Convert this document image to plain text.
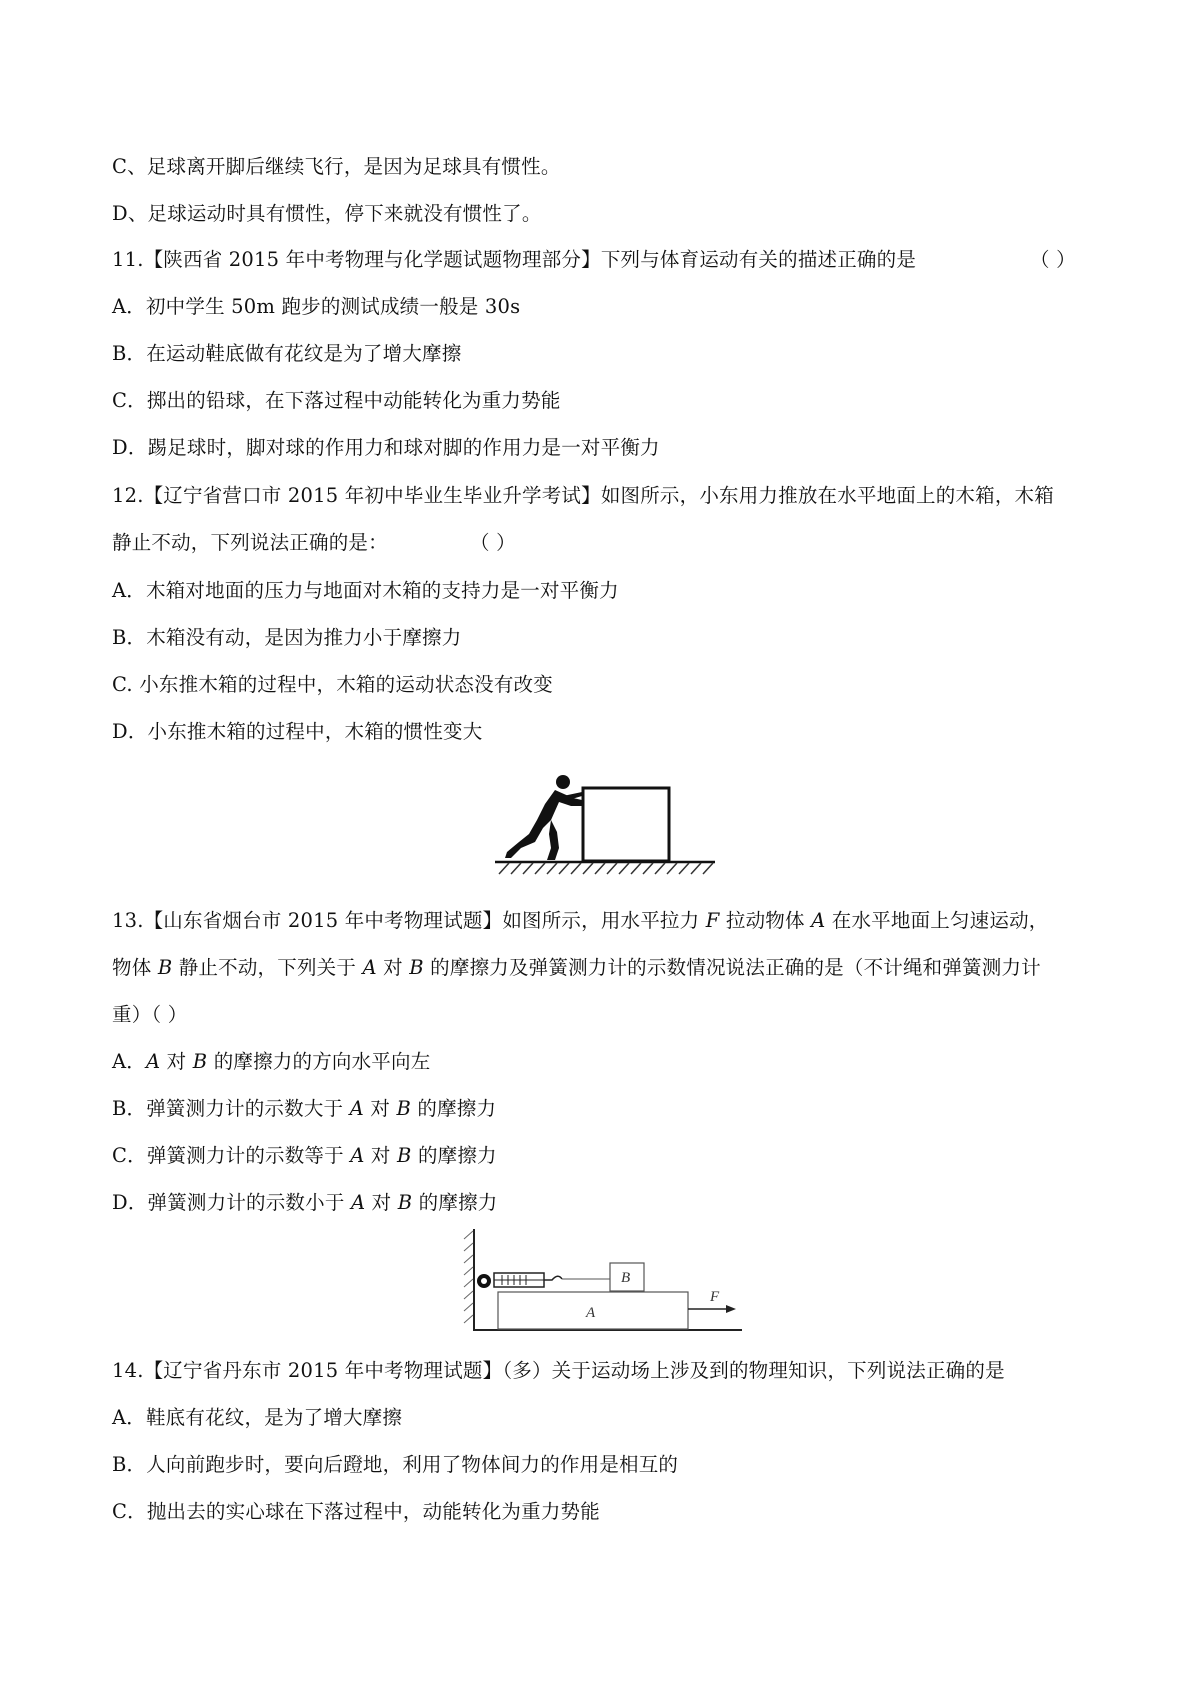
C、足球离开脚后继续飞行，是因为足球具有惯性。
D、足球运动时具有惯性，停下来就没有惯性了。
11.【陕西省 2015 年中考物理与化学题试题物理部分】下列与体育运动有关的描述正确的是	（ ）
A．初中学生 50m 跑步的测试成绩一般是 30s
B．在运动鞋底做有花纹是为了增大摩擦
C．掷出的铅球，在下落过程中动能转化为重力势能
D．踢足球时，脚对球的作用力和球对脚的作用力是一对平衡力
12.【辽宁省营口市 2015 年初中毕业生毕业升学考试】如图所示，小东用力推放在水平地面上的木箱，木箱
静止不动，下列说法正确的是：	（ ）
A．木箱对地面的压力与地面对木箱的支持力是一对平衡力
B．木箱没有动，是因为推力小于摩擦力
C. 小东推木箱的过程中，木箱的运动状态没有改变
D．小东推木箱的过程中，木箱的惯性变大
13.【山东省烟台市 2015 年中考物理试题】如图所示，用水平拉力 F 拉动物体 A 在水平地面上匀速运动，
物体 B 静止不动，下列关于 A 对 B 的摩擦力及弹簧测力计的示数情况说法正确的是（不计绳和弹簧测力计
重）（ ）
A．A 对 B 的摩擦力的方向水平向左
B．弹簧测力计的示数大于 A 对 B 的摩擦力
C．弹簧测力计的示数等于 A 对 B 的摩擦力
D．弹簧测力计的示数小于 A 对 B 的摩擦力
B
A
F
14.【辽宁省丹东市 2015 年中考物理试题】（多）关于运动场上涉及到的物理知识，下列说法正确的是
A．鞋底有花纹，是为了增大摩擦
B．人向前跑步时，要向后蹬地，利用了物体间力的作用是相互的
C．抛出去的实心球在下落过程中，动能转化为重力势能
